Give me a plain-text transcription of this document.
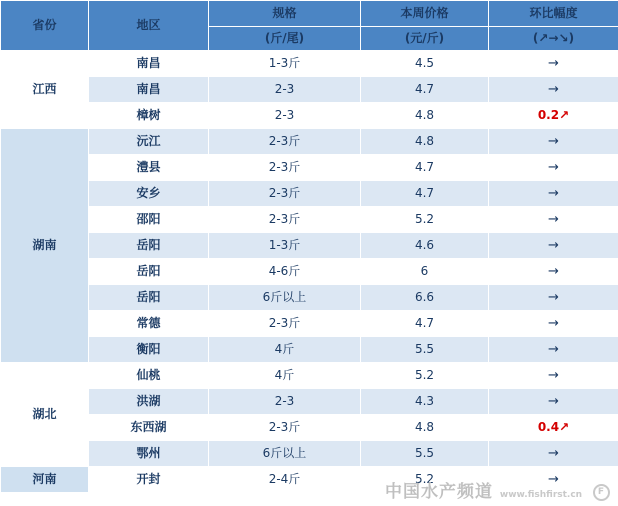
省份	地区	规格	本周价格	环比幅度
		(斤/尾)	(元/斤)	(↗→↘)
江西	南昌	1-3斤	4.5	→
	南昌	2-3	4.7	→
	樟树	2-3	4.8	0.2↗
湖南	沅江	2-3斤	4.8	→
	澧县	2-3斤	4.7	→
	安乡	2-3斤	4.7	→
	邵阳	2-3斤	5.2	→
	岳阳	1-3斤	4.6	→
	岳阳	4-6斤	6	→
	岳阳	6斤以上	6.6	→
	常德	2-3斤	4.7	→
	衡阳	4斤	5.5	→
湖北	仙桃	4斤	5.2	→
	洪湖	2-3	4.3	→
	东西湖	2-3斤	4.8	0.4↗
	鄂州	6斤以上	5.5	→
河南	开封	2-4斤	5.2	→
中国水产频道 www.fishfirst.cn F
